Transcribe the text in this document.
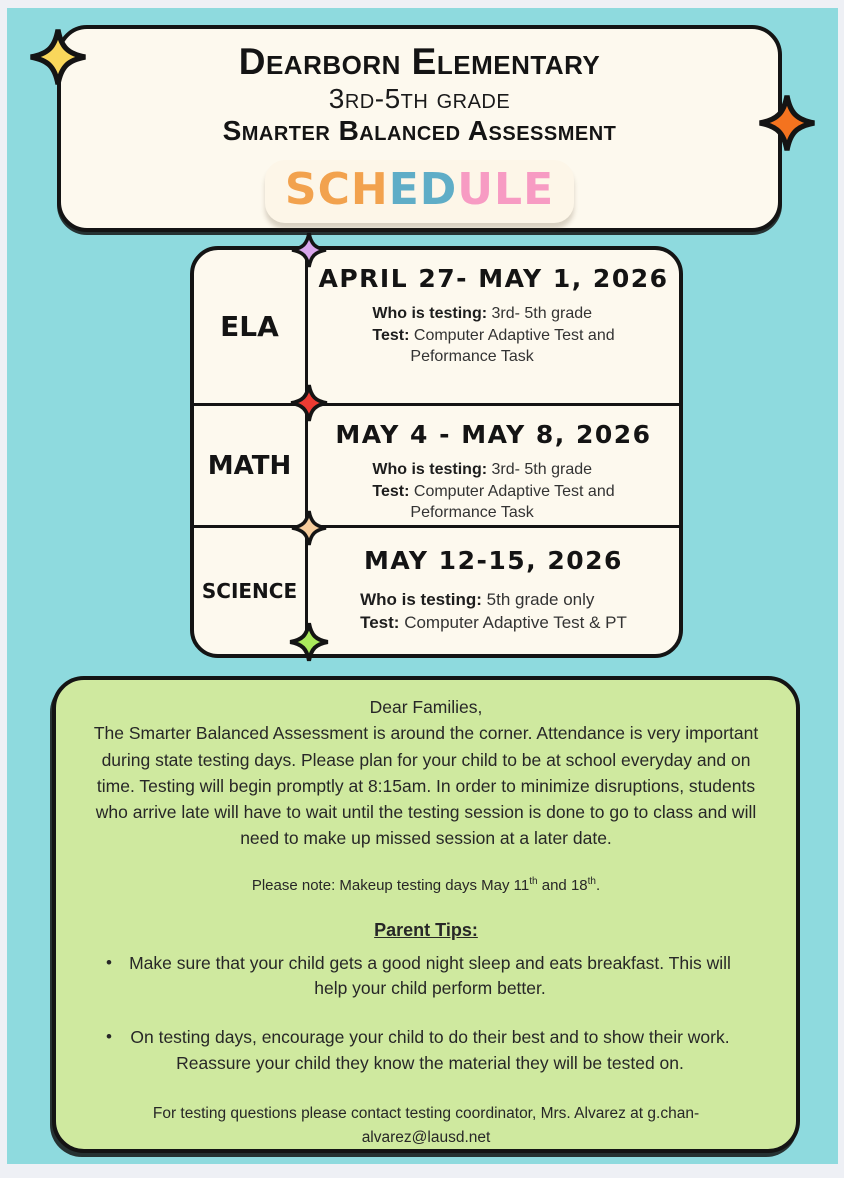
Dearborn Elementary
3rd-5th grade
Smarter Balanced Assessment
SCHEDULE
ELA
APRIL 27- MAY 1, 2026
Who is testing: 3rd- 5th grade
Test: Computer Adaptive Test and
Peformance Task
MATH
MAY 4 - MAY 8, 2026
Who is testing: 3rd- 5th grade
Test: Computer Adaptive Test and
Peformance Task
SCIENCE
MAY 12-15, 2026
Who is testing: 5th grade only
Test: Computer Adaptive Test & PT
Dear Families,
The Smarter Balanced Assessment is around the corner. Attendance is very important during state testing days. Please plan for your child to be at school everyday and on time. Testing will begin promptly at 8:15am. In order to minimize disruptions, students who arrive late will have to wait until the testing session is done to go to class and will need to make up missed session at a later date.
Please note: Makeup testing days May 11th and 18th.
Parent Tips:
• Make sure that your child gets a good night sleep and eats breakfast. This will help your child perform better.
•	On testing days, encourage your child to do their best and to show their work. Reassure your child they know the material they will be tested on.
For testing questions please contact testing coordinator, Mrs. Alvarez at g.chan-
alvarez@lausd.net
